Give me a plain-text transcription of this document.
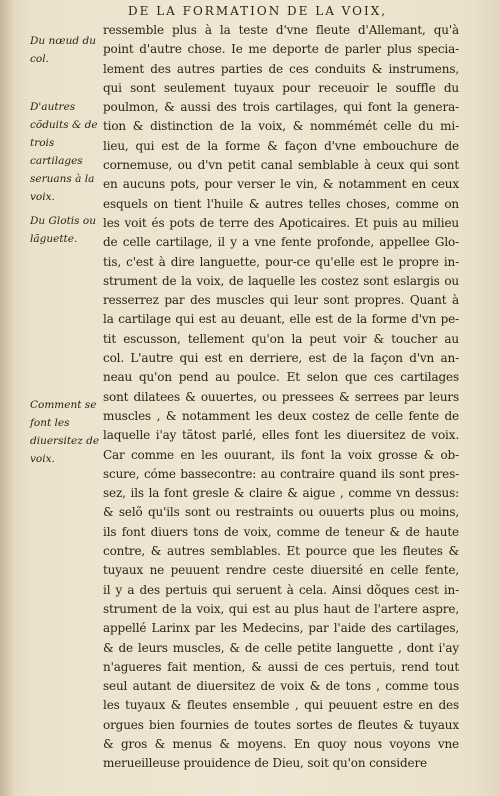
DE LA FORMATION DE LA VOIX,
Du nœud du col.
D'autres cõduits & de trois cartilages seruans à la voix.
Du Glotis ou lãguette.
Comment se font les diuersitez de voix.
ressemble plus à la teste d'vne fleute d'Allemant, qu'à
point d'autre chose. Ie me deporte de parler plus specia-
lement des autres parties de ces conduits & instrumens,
qui sont seulement tuyaux pour receuoir le souffle du
poulmon, & aussi des trois cartilages, qui font la genera-
tion & distinction de la voix, & nommémét celle du mi-
lieu, qui est de la forme & façon d'vne embouchure de
cornemuse, ou d'vn petit canal semblable à ceux qui sont
en aucuns pots, pour verser le vin, & notamment en ceux
esquels on tient l'huile & autres telles choses, comme on
les voit és pots de terre des Apoticaires. Et puis au milieu
de celle cartilage, il y a vne fente profonde, appellee Glo-
tis, c'est à dire languette, pour-ce qu'elle est le propre in-
strument de la voix, de laquelle les costez sont eslargis ou
resserrez par des muscles qui leur sont propres. Quant à
la cartilage qui est au deuant, elle est de la forme d'vn pe-
tit escusson, tellement qu'on la peut voir & toucher au
col. L'autre qui est en derriere, est de la façon d'vn an-
neau qu'on pend au poulce. Et selon que ces cartilages
sont dilatees & ouuertes, ou pressees & serrees par leurs
muscles , & notamment les deux costez de celle fente de
laquelle i'ay tãtost parlé, elles font les diuersitez de voix.
Car comme en les ouurant, ils font la voix grosse & ob-
scure, cóme bassecontre: au contraire quand ils sont pres-
sez, ils la font gresle & claire & aigue , comme vn dessus:
& selõ qu'ils sont ou restraints ou ouuerts plus ou moins,
ils font diuers tons de voix, comme de teneur & de haute
contre, & autres semblables. Et pource que les fleutes &
tuyaux ne peuuent rendre ceste diuersité en celle fente,
il y a des pertuis qui seruent à cela. Ainsi dõques cest in-
strument de la voix, qui est au plus haut de l'artere aspre,
appellé Larinx par les Medecins, par l'aide des cartilages,
& de leurs muscles, & de celle petite languette , dont i'ay
n'agueres fait mention, & aussi de ces pertuis, rend tout
seul autant de diuersitez de voix & de tons , comme tous
les tuyaux & fleutes ensemble , qui peuuent estre en des
orgues bien fournies de toutes sortes de fleutes & tuyaux
& gros & menus & moyens. En quoy nous voyons vne
merueilleuse prouidence de Dieu, soit qu'on considere
